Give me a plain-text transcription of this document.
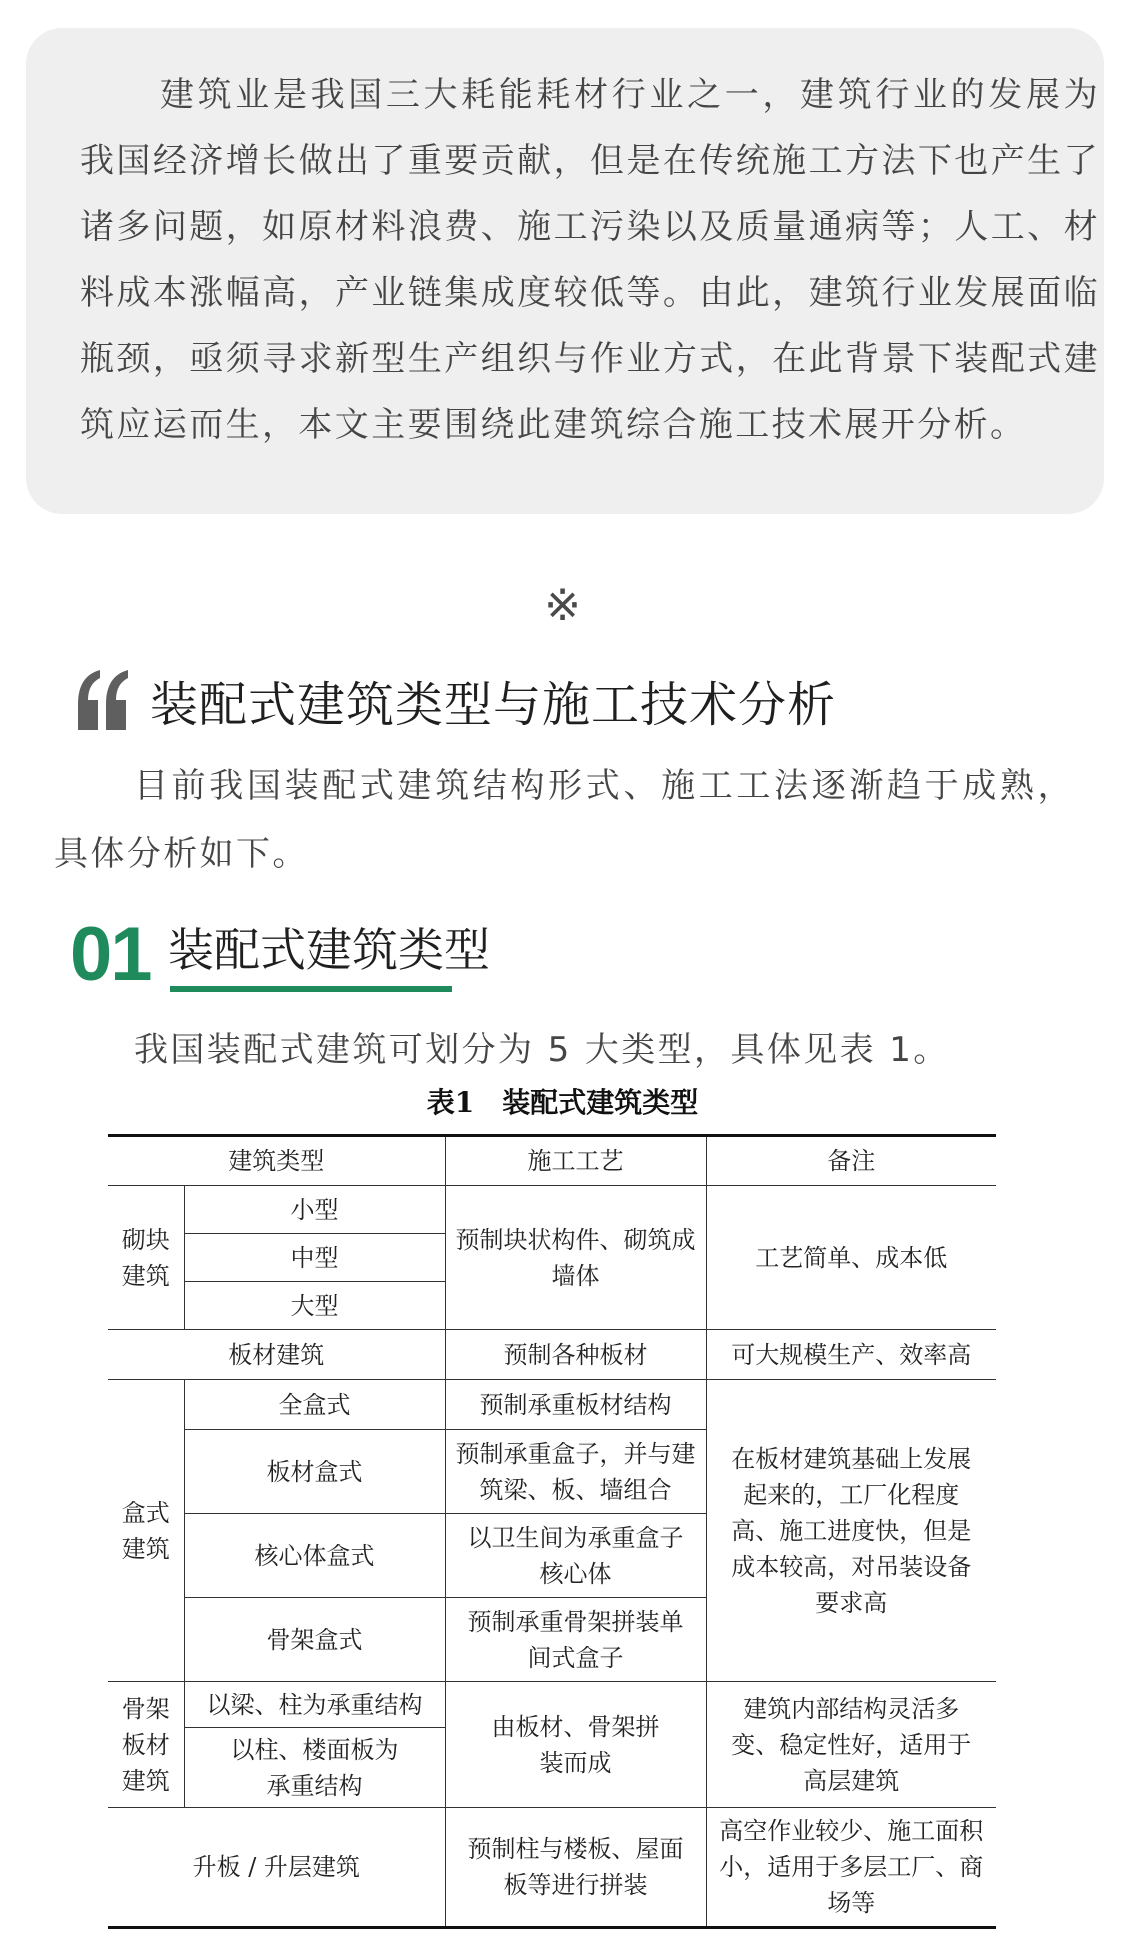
建筑业是我国三大耗能耗材行业之一，建筑行业的发展为我国经济增长做出了重要贡献，但是在传统施工方法下也产生了诸多问题，如原材料浪费、施工污染以及质量通病等；人工、材料成本涨幅高，产业链集成度较低等。由此，建筑行业发展面临瓶颈，亟须寻求新型生产组织与作业方式，在此背景下装配式建筑应运而生，本文主要围绕此建筑综合施工技术展开分析。

※
装配式建筑类型与施工技术分析

目前我国装配式建筑结构形式、施工工法逐渐趋于成熟，具体分析如下。

01 装配式建筑类型

我国装配式建筑可划分为 5 大类型，具体见表 1。

表1　装配式建筑类型
建筑类型		施工工艺	备注
砌块建筑	小型	预制块状构件、砌筑成墙体	工艺简单、成本低
	中型		
	大型		
板材建筑		预制各种板材	可大规模生产、效率高
盒式建筑	全盒式	预制承重板材结构	在板材建筑基础上发展起来的，工厂化程度高、施工进度快，但是成本较高，对吊装设备要求高
	板材盒式	预制承重盒子，并与建筑梁、板、墙组合	
	核心体盒式	以卫生间为承重盒子核心体	
	骨架盒式	预制承重骨架拼装单间式盒子	
骨架板材建筑	以梁、柱为承重结构	由板材、骨架拼装而成	建筑内部结构灵活多变、稳定性好，适用于高层建筑
	以柱、楼面板为承重结构		
升板 / 升层建筑		预制柱与楼板、屋面板等进行拼装	高空作业较少、施工面积小，适用于多层工厂、商场等
